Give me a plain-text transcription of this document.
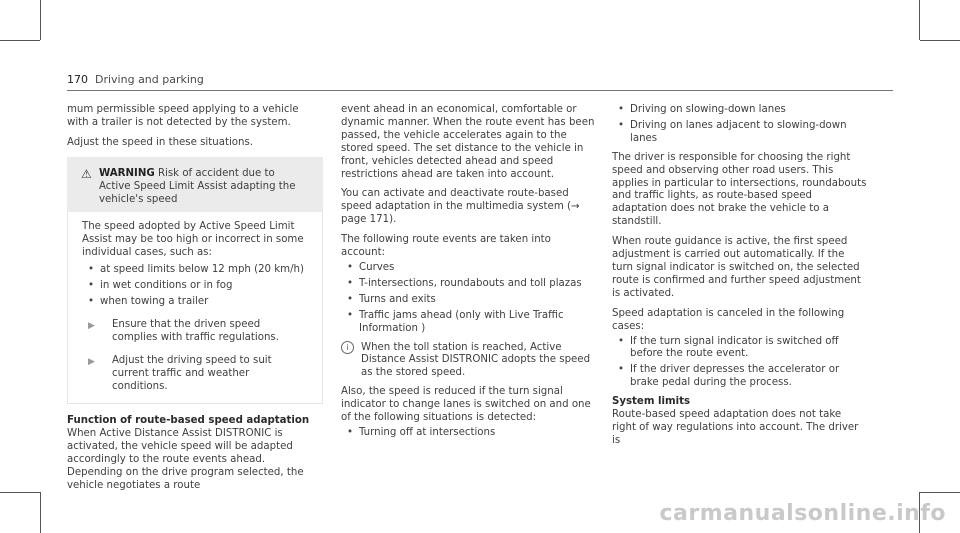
170 Driving and parking

mum permissible speed applying to a vehicle with a trailer is not detected by the system.

Adjust the speed in these situations.

⚠ WARNING Risk of accident due to Active Speed Limit Assist adapting the vehicle's speed

The speed adopted by Active Speed Limit Assist may be too high or incorrect in some individual cases, such as:

• at speed limits below 12 mph (20 km/h)
• in wet conditions or in fog
• when towing a trailer
▶ Ensure that the driven speed complies with traffic regulations.
▶ Adjust the driving speed to suit current traffic and weather conditions.

Function of route-based speed adaptation

When Active Distance Assist DISTRONIC is activated, the vehicle speed will be adapted accordingly to the route events ahead. Depending on the drive program selected, the vehicle negotiates a route

event ahead in an economical, comfortable or dynamic manner. When the route event has been passed, the vehicle accelerates again to the stored speed. The set distance to the vehicle in front, vehicles detected ahead and speed restrictions ahead are taken into account.

You can activate and deactivate route-based speed adaptation in the multimedia system (→ page 171).

The following route events are taken into account:

• Curves
• T-intersections, roundabouts and toll plazas
• Turns and exits
• Traffic jams ahead (only with Live Traffic Information )
i	When the toll station is reached, Active Distance Assist DISTRONIC adopts the speed as the stored speed.

Also, the speed is reduced if the turn signal indicator to change lanes is switched on and one of the following situations is detected:

• Turning off at intersections
• Driving on slowing-down lanes
• Driving on lanes adjacent to slowing-down lanes

The driver is responsible for choosing the right speed and observing other road users. This applies in particular to intersections, roundabouts and traffic lights, as route-based speed adaptation does not brake the vehicle to a standstill.

When route guidance is active, the first speed adjustment is carried out automatically. If the turn signal indicator is switched on, the selected route is confirmed and further speed adjustment is activated.

Speed adaptation is canceled in the following cases:

• If the turn signal indicator is switched off before the route event.
• If the driver depresses the accelerator or brake pedal during the process.

System limits

Route-based speed adaptation does not take right of way regulations into account. The driver is

carmanualsonline.info
